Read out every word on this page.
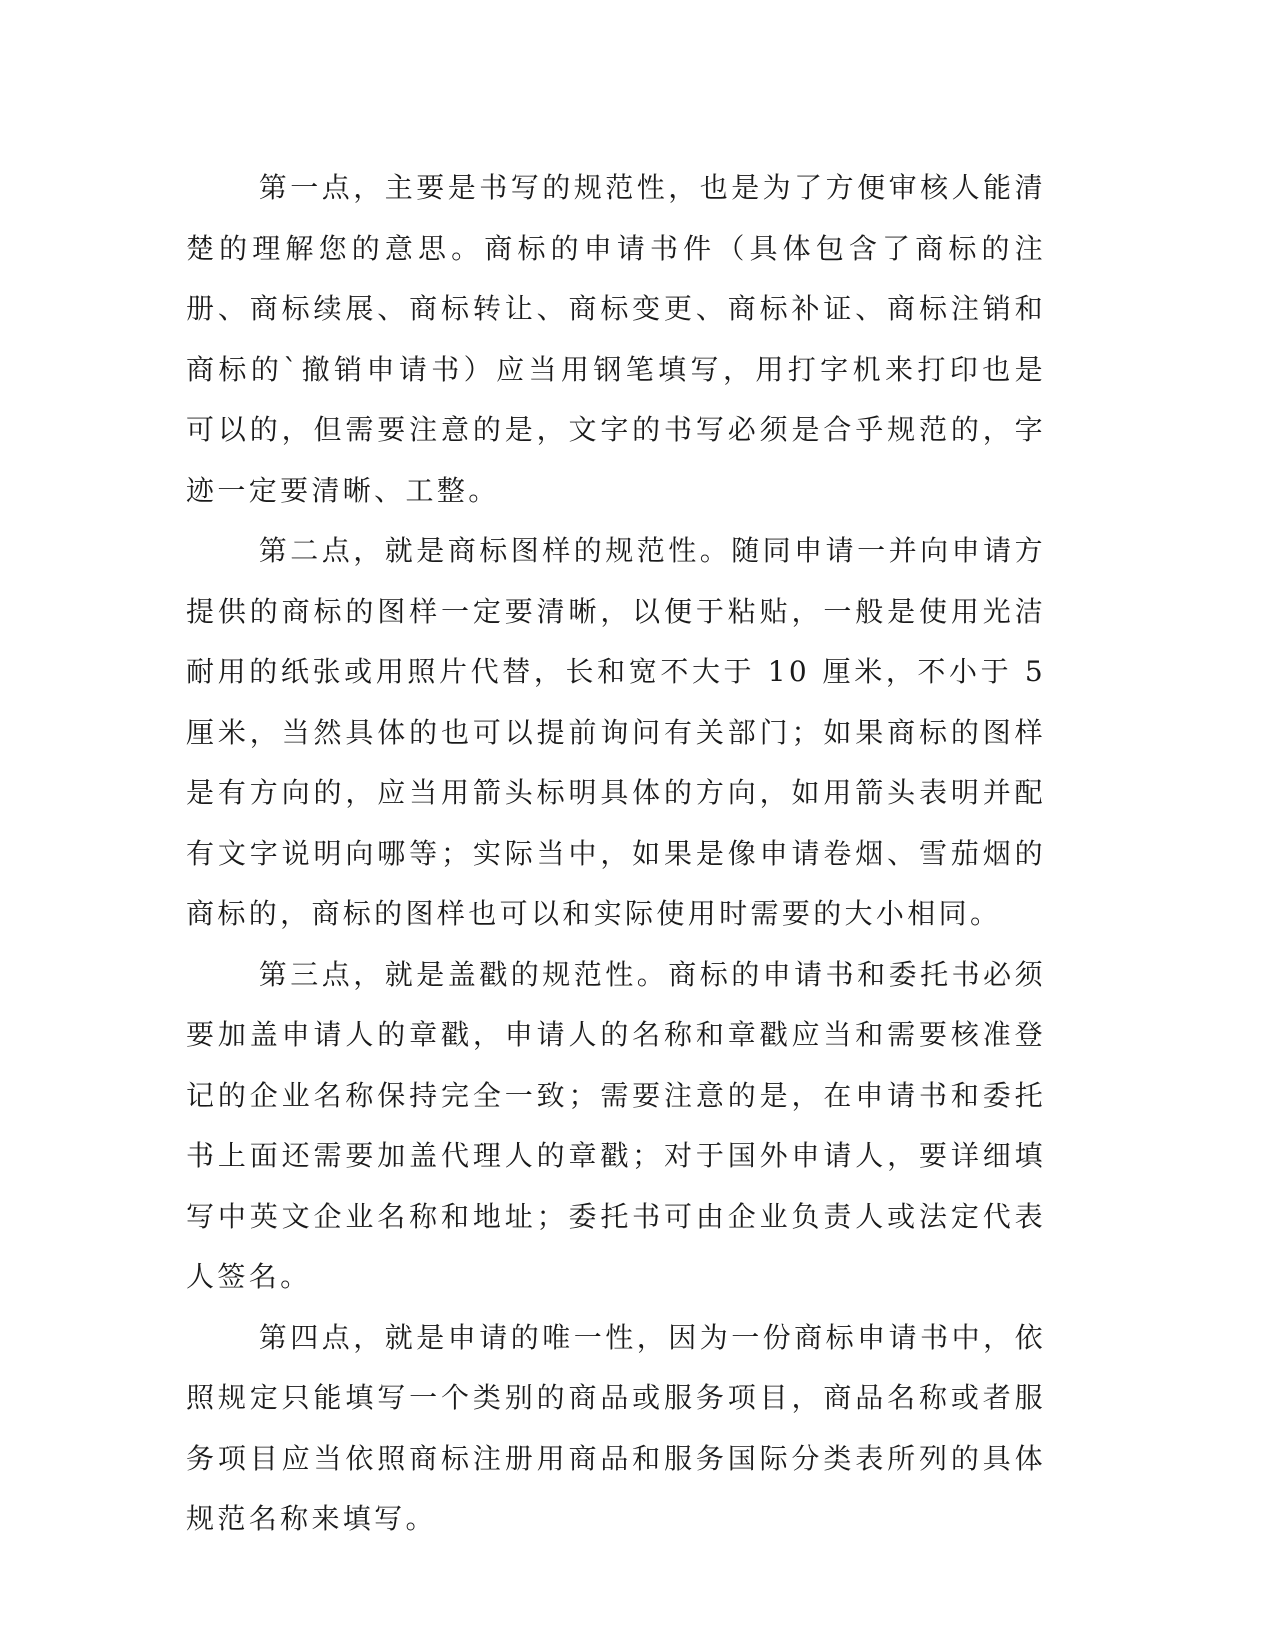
第一点，主要是书写的规范性，也是为了方便审核人能清楚的理解您的意思。商标的申请书件（具体包含了商标的注册、商标续展、商标转让、商标变更、商标补证、商标注销和商标的`撤销申请书）应当用钢笔填写，用打字机来打印也是可以的，但需要注意的是，文字的书写必须是合乎规范的，字迹一定要清晰、工整。

第二点，就是商标图样的规范性。随同申请一并向申请方提供的商标的图样一定要清晰，以便于粘贴，一般是使用光洁耐用的纸张或用照片代替，长和宽不大于 10 厘米，不小于 5 厘米，当然具体的也可以提前询问有关部门；如果商标的图样是有方向的，应当用箭头标明具体的方向，如用箭头表明并配有文字说明向哪等；实际当中，如果是像申请卷烟、雪茄烟的商标的，商标的图样也可以和实际使用时需要的大小相同。

第三点，就是盖戳的规范性。商标的申请书和委托书必须要加盖申请人的章戳，申请人的名称和章戳应当和需要核准登记的企业名称保持完全一致；需要注意的是，在申请书和委托书上面还需要加盖代理人的章戳；对于国外申请人，要详细填写中英文企业名称和地址；委托书可由企业负责人或法定代表人签名。

第四点，就是申请的唯一性，因为一份商标申请书中，依照规定只能填写一个类别的商品或服务项目，商品名称或者服务项目应当依照商标注册用商品和服务国际分类表所列的具体规范名称来填写。
